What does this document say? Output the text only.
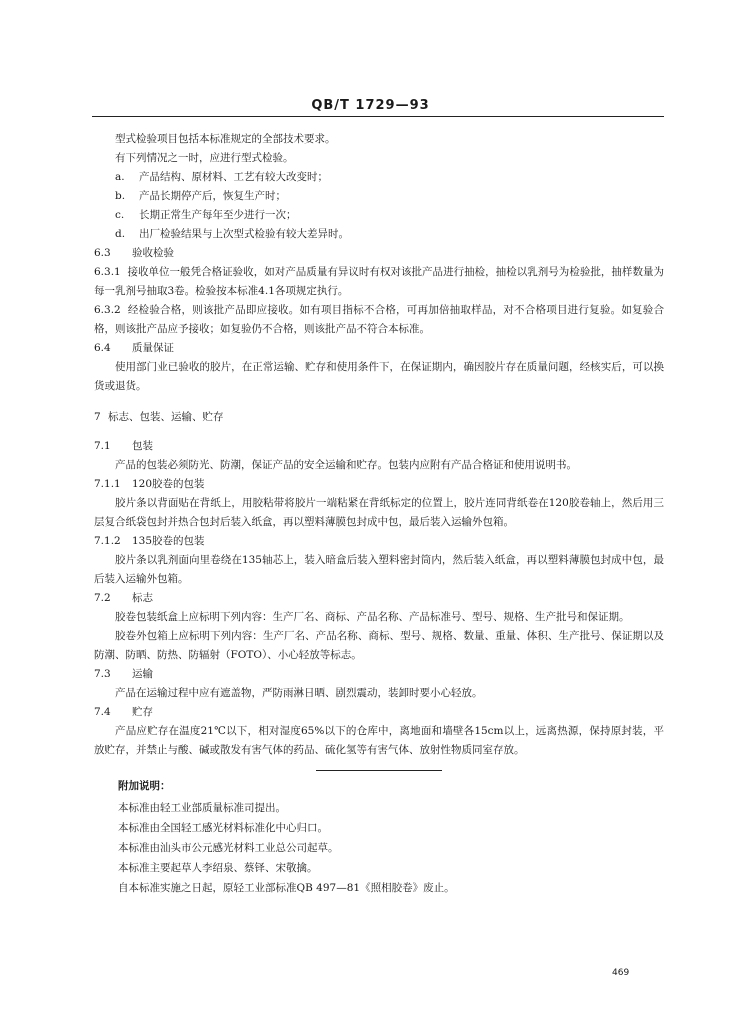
QB/T 1729—93

型式检验项目包括本标准规定的全部技术要求。

有下列情况之一时，应进行型式检验。

a. 产品结构、原材料、工艺有较大改变时；

b. 产品长期停产后，恢复生产时；

c. 长期正常生产每年至少进行一次；

d. 出厂检验结果与上次型式检验有较大差异时。

6.3 验收检验

6.3.1 接收单位一般凭合格证验收，如对产品质量有异议时有权对该批产品进行抽检，抽检以乳剂号为检验批，抽样数量为每一乳剂号抽取3卷。检验按本标准4.1各项规定执行。

6.3.2 经检验合格，则该批产品即应接收。如有项目指标不合格，可再加倍抽取样品，对不合格项目进行复验。如复验合格，则该批产品应予接收；如复验仍不合格，则该批产品不符合本标准。

6.4 质量保证

使用部门业已验收的胶片，在正常运输、贮存和使用条件下，在保证期内，确因胶片存在质量问题，经核实后，可以换货或退货。

7 标志、包装、运输、贮存

7.1 包装

产品的包装必须防光、防潮，保证产品的安全运输和贮存。包装内应附有产品合格证和使用说明书。

7.1.1 120胶卷的包装

胶片条以背面贴在背纸上，用胶粘带将胶片一端粘紧在背纸标定的位置上，胶片连同背纸卷在120胶卷轴上，然后用三层复合纸袋包封并热合包封后装入纸盒，再以塑料薄膜包封成中包，最后装入运输外包箱。

7.1.2 135胶卷的包装

胶片条以乳剂面向里卷绕在135轴芯上，装入暗盒后装入塑料密封筒内，然后装入纸盒，再以塑料薄膜包封成中包，最后装入运输外包箱。

7.2 标志

胶卷包装纸盒上应标明下列内容：生产厂名、商标、产品名称、产品标准号、型号、规格、生产批号和保证期。

胶卷外包箱上应标明下列内容：生产厂名、产品名称、商标、型号、规格、数量、重量、体积、生产批号、保证期以及防潮、防晒、防热、防辐射（FOTO）、小心轻放等标志。

7.3 运输

产品在运输过程中应有遮盖物，严防雨淋日晒、剧烈震动，装卸时要小心轻放。

7.4 贮存

产品应贮存在温度21℃以下，相对湿度65%以下的仓库中，离地面和墙壁各15cm以上，远离热源，保持原封装，平放贮存，并禁止与酸、碱或散发有害气体的药品、硫化氢等有害气体、放射性物质同室存放。

附加说明：

本标准由轻工业部质量标准司提出。

本标准由全国轻工感光材料标准化中心归口。

本标准由汕头市公元感光材料工业总公司起草。

本标准主要起草人李绍泉、蔡铎、宋敬擒。

自本标准实施之日起，原轻工业部标准QB 497—81《照相胶卷》废止。

469
